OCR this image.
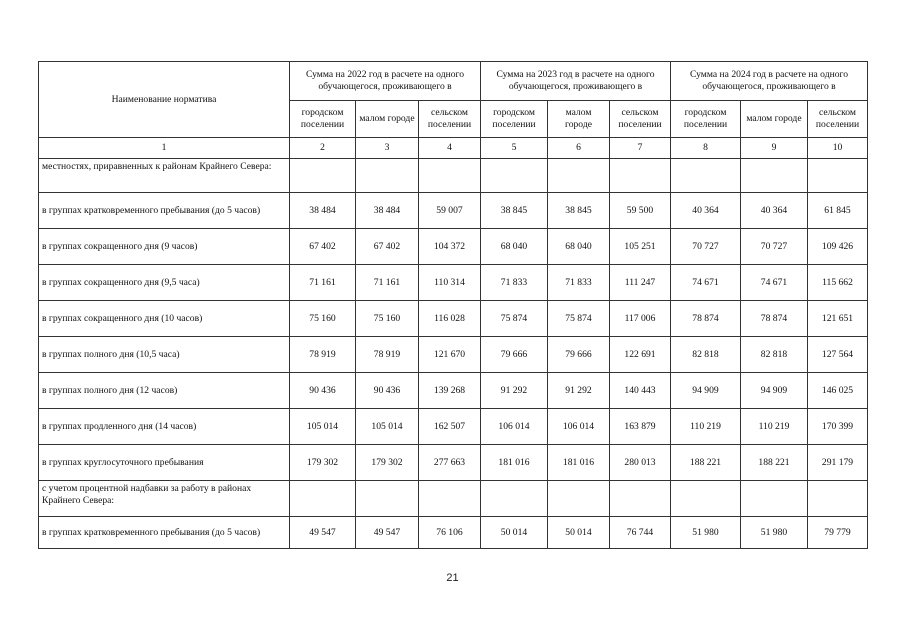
Наименование норматива	Сумма на 2022 год в расчете на одного обучающегося, проживающего в			Сумма на 2023 год в расчете на одного обучающегося, проживающего в			Сумма на 2024 год в расчете на одного обучающегося, проживающего в		
	городском поселении	малом городе	сельском поселении	городском поселении	малом городе	сельском поселении	городском поселении	малом городе	сельском поселении
1	2	3	4	5	6	7	8	9	10
местностях, приравненных к районам Крайнего Севера:									
в группах кратковременного пребывания (до 5 часов)	38 484	38 484	59 007	38 845	38 845	59 500	40 364	40 364	61 845
в группах сокращенного дня (9 часов)	67 402	67 402	104 372	68 040	68 040	105 251	70 727	70 727	109 426
в группах сокращенного дня (9,5 часа)	71 161	71 161	110 314	71 833	71 833	111 247	74 671	74 671	115 662
в группах сокращенного дня (10 часов)	75 160	75 160	116 028	75 874	75 874	117 006	78 874	78 874	121 651
в группах полного дня (10,5 часа)	78 919	78 919	121 670	79 666	79 666	122 691	82 818	82 818	127 564
в группах полного дня (12 часов)	90 436	90 436	139 268	91 292	91 292	140 443	94 909	94 909	146 025
в группах продленного дня (14 часов)	105 014	105 014	162 507	106 014	106 014	163 879	110 219	110 219	170 399
в группах круглосуточного пребывания	179 302	179 302	277 663	181 016	181 016	280 013	188 221	188 221	291 179
с учетом процентной надбавки за работу в районах Крайнего Севера:									
в группах кратковременного пребывания (до 5 часов)	49 547	49 547	76 106	50 014	50 014	76 744	51 980	51 980	79 779
21
